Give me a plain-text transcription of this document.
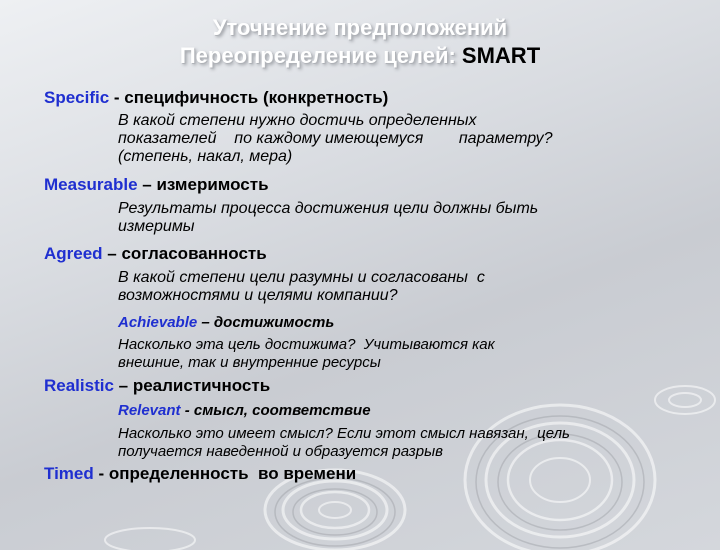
Уточнение предположений
Переопределение целей: SMART
Specific - специфичность (конкретность)
В какой степени нужно достичь определенных
показателей    по каждому имеющемуся        параметру?
(степень, накал, мера)
Measurable – измеримость
Результаты процесса достижения цели должны быть
измеримы
Agreed – согласованность
В какой степени цели разумны и согласованы  с
возможностями и целями компании?
Achievable – достижимость
Насколько эта цель достижима?  Учитываются как
внешние, так и внутренние ресурсы
Realistic – реалистичность
Relevant - смысл, соответствие
Насколько это имеет смысл? Если этот смысл навязан,  цель
получается наведенной и образуется разрыв
Timed - определенность  во времени
